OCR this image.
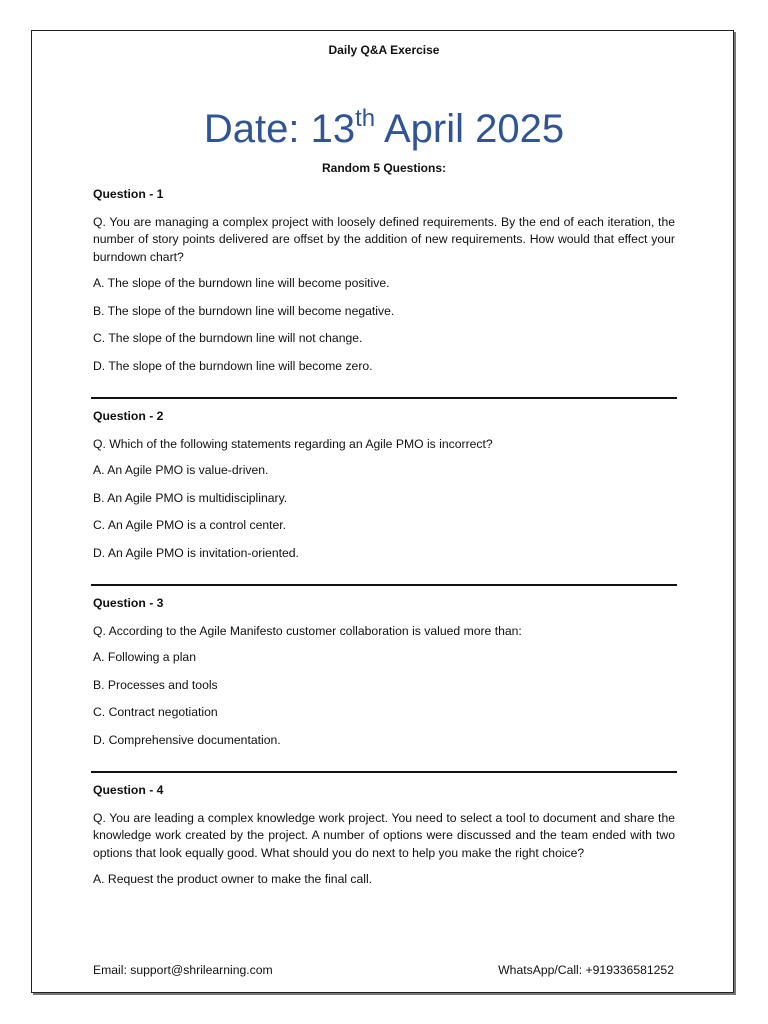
Daily Q&A Exercise
Date: 13th April 2025
Random 5 Questions:
Question - 1
Q. You are managing a complex project with loosely defined requirements. By the end of each iteration, the number of story points delivered are offset by the addition of new requirements. How would that effect your burndown chart?
A. The slope of the burndown line will become positive.
B. The slope of the burndown line will become negative.
C. The slope of the burndown line will not change.
D. The slope of the burndown line will become zero.
Question - 2
Q. Which of the following statements regarding an Agile PMO is incorrect?
A. An Agile PMO is value-driven.
B. An Agile PMO is multidisciplinary.
C. An Agile PMO is a control center.
D. An Agile PMO is invitation-oriented.
Question - 3
Q. According to the Agile Manifesto customer collaboration is valued more than:
A. Following a plan
B. Processes and tools
C. Contract negotiation
D. Comprehensive documentation.
Question - 4
Q. You are leading a complex knowledge work project. You need to select a tool to document and share the knowledge work created by the project. A number of options were discussed and the team ended with two options that look equally good. What should you do next to help you make the right choice?
A. Request the product owner to make the final call.
Email: support@shrilearning.com	WhatsApp/Call: +919336581252
